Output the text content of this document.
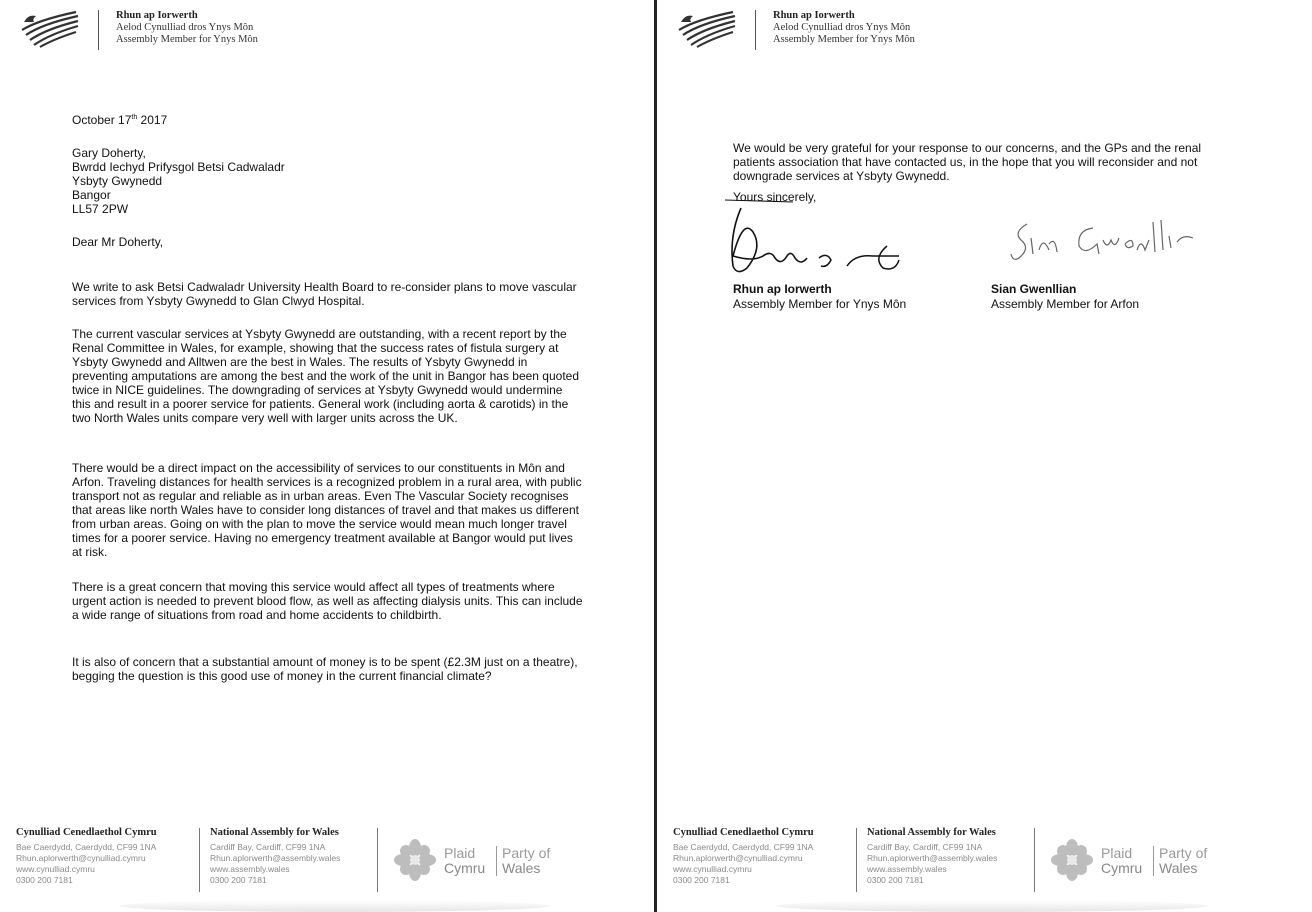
Rhun ap Iorwerth
Aelod Cynulliad dros Ynys Môn
Assembly Member for Ynys Môn
October 17th 2017
Gary Doherty,
Bwrdd Iechyd Prifysgol Betsi Cadwaladr
Ysbyty Gwynedd
Bangor
LL57 2PW
Dear Mr Doherty,

We write to ask Betsi Cadwaladr University Health Board to re-consider plans to move vascular services from Ysbyty Gwynedd to Glan Clwyd Hospital.

The current vascular services at Ysbyty Gwynedd are outstanding, with a recent report by the Renal Committee in Wales, for example, showing that the success rates of fistula surgery at Ysbyty Gwynedd and Alltwen are the best in Wales. The results of Ysbyty Gwynedd in preventing amputations are among the best and the work of the unit in Bangor has been quoted twice in NICE guidelines. The downgrading of services at Ysbyty Gwynedd would undermine this and result in a poorer service for patients. General work (including aorta & carotids) in the two North Wales units compare very well with larger units across the UK.

There would be a direct impact on the accessibility of services to our constituents in Môn and Arfon. Traveling distances for health services is a recognized problem in a rural area, with public transport not as regular and reliable as in urban areas. Even The Vascular Society recognises that areas like north Wales have to consider long distances of travel and that makes us different from urban areas. Going on with the plan to move the service would mean much longer travel times for a poorer service. Having no emergency treatment available at Bangor would put lives at risk.

There is a great concern that moving this service would affect all types of treatments where urgent action is needed to prevent blood flow, as well as affecting dialysis units. This can include a wide range of situations from road and home accidents to childbirth.

It is also of concern that a substantial amount of money is to be spent (£2.3M just on a theatre), begging the question is this good use of money in the current financial climate?

Cynulliad Cenedlaethol Cymru
Bae Caerdydd, Caerdydd, CF99 1NA
Rhun.aplorwerth@cynulliad.cymru
www.cynulliad.cymru
0300 200 7181
National Assembly for Wales
Cardiff Bay, Cardiff, CF99 1NA
Rhun.aplorwerth@assembly.wales
www.assembly.wales
0300 200 7181
Plaid
Cymru
Party of
Wales
Rhun ap Iorwerth
Aelod Cynulliad dros Ynys Môn
Assembly Member for Ynys Môn

We would be very grateful for your response to our concerns, and the GPs and the renal patients association that have contacted us, in the hope that you will reconsider and not downgrade services at Ysbyty Gwynedd.

Yours sincerely,
Rhun ap Iorwerth
Assembly Member for Ynys Môn
Sian Gwenllian
Assembly Member for Arfon
Cynulliad Cenedlaethol Cymru
Bae Caerdydd, Caerdydd, CF99 1NA
Rhun.aplorwerth@cynulliad.cymru
www.cynulliad.cymru
0300 200 7181
National Assembly for Wales
Cardiff Bay, Cardiff, CF99 1NA
Rhun.aplorwerth@assembly.wales
www.assembly.wales
0300 200 7181
Plaid
Cymru
Party of
Wales
